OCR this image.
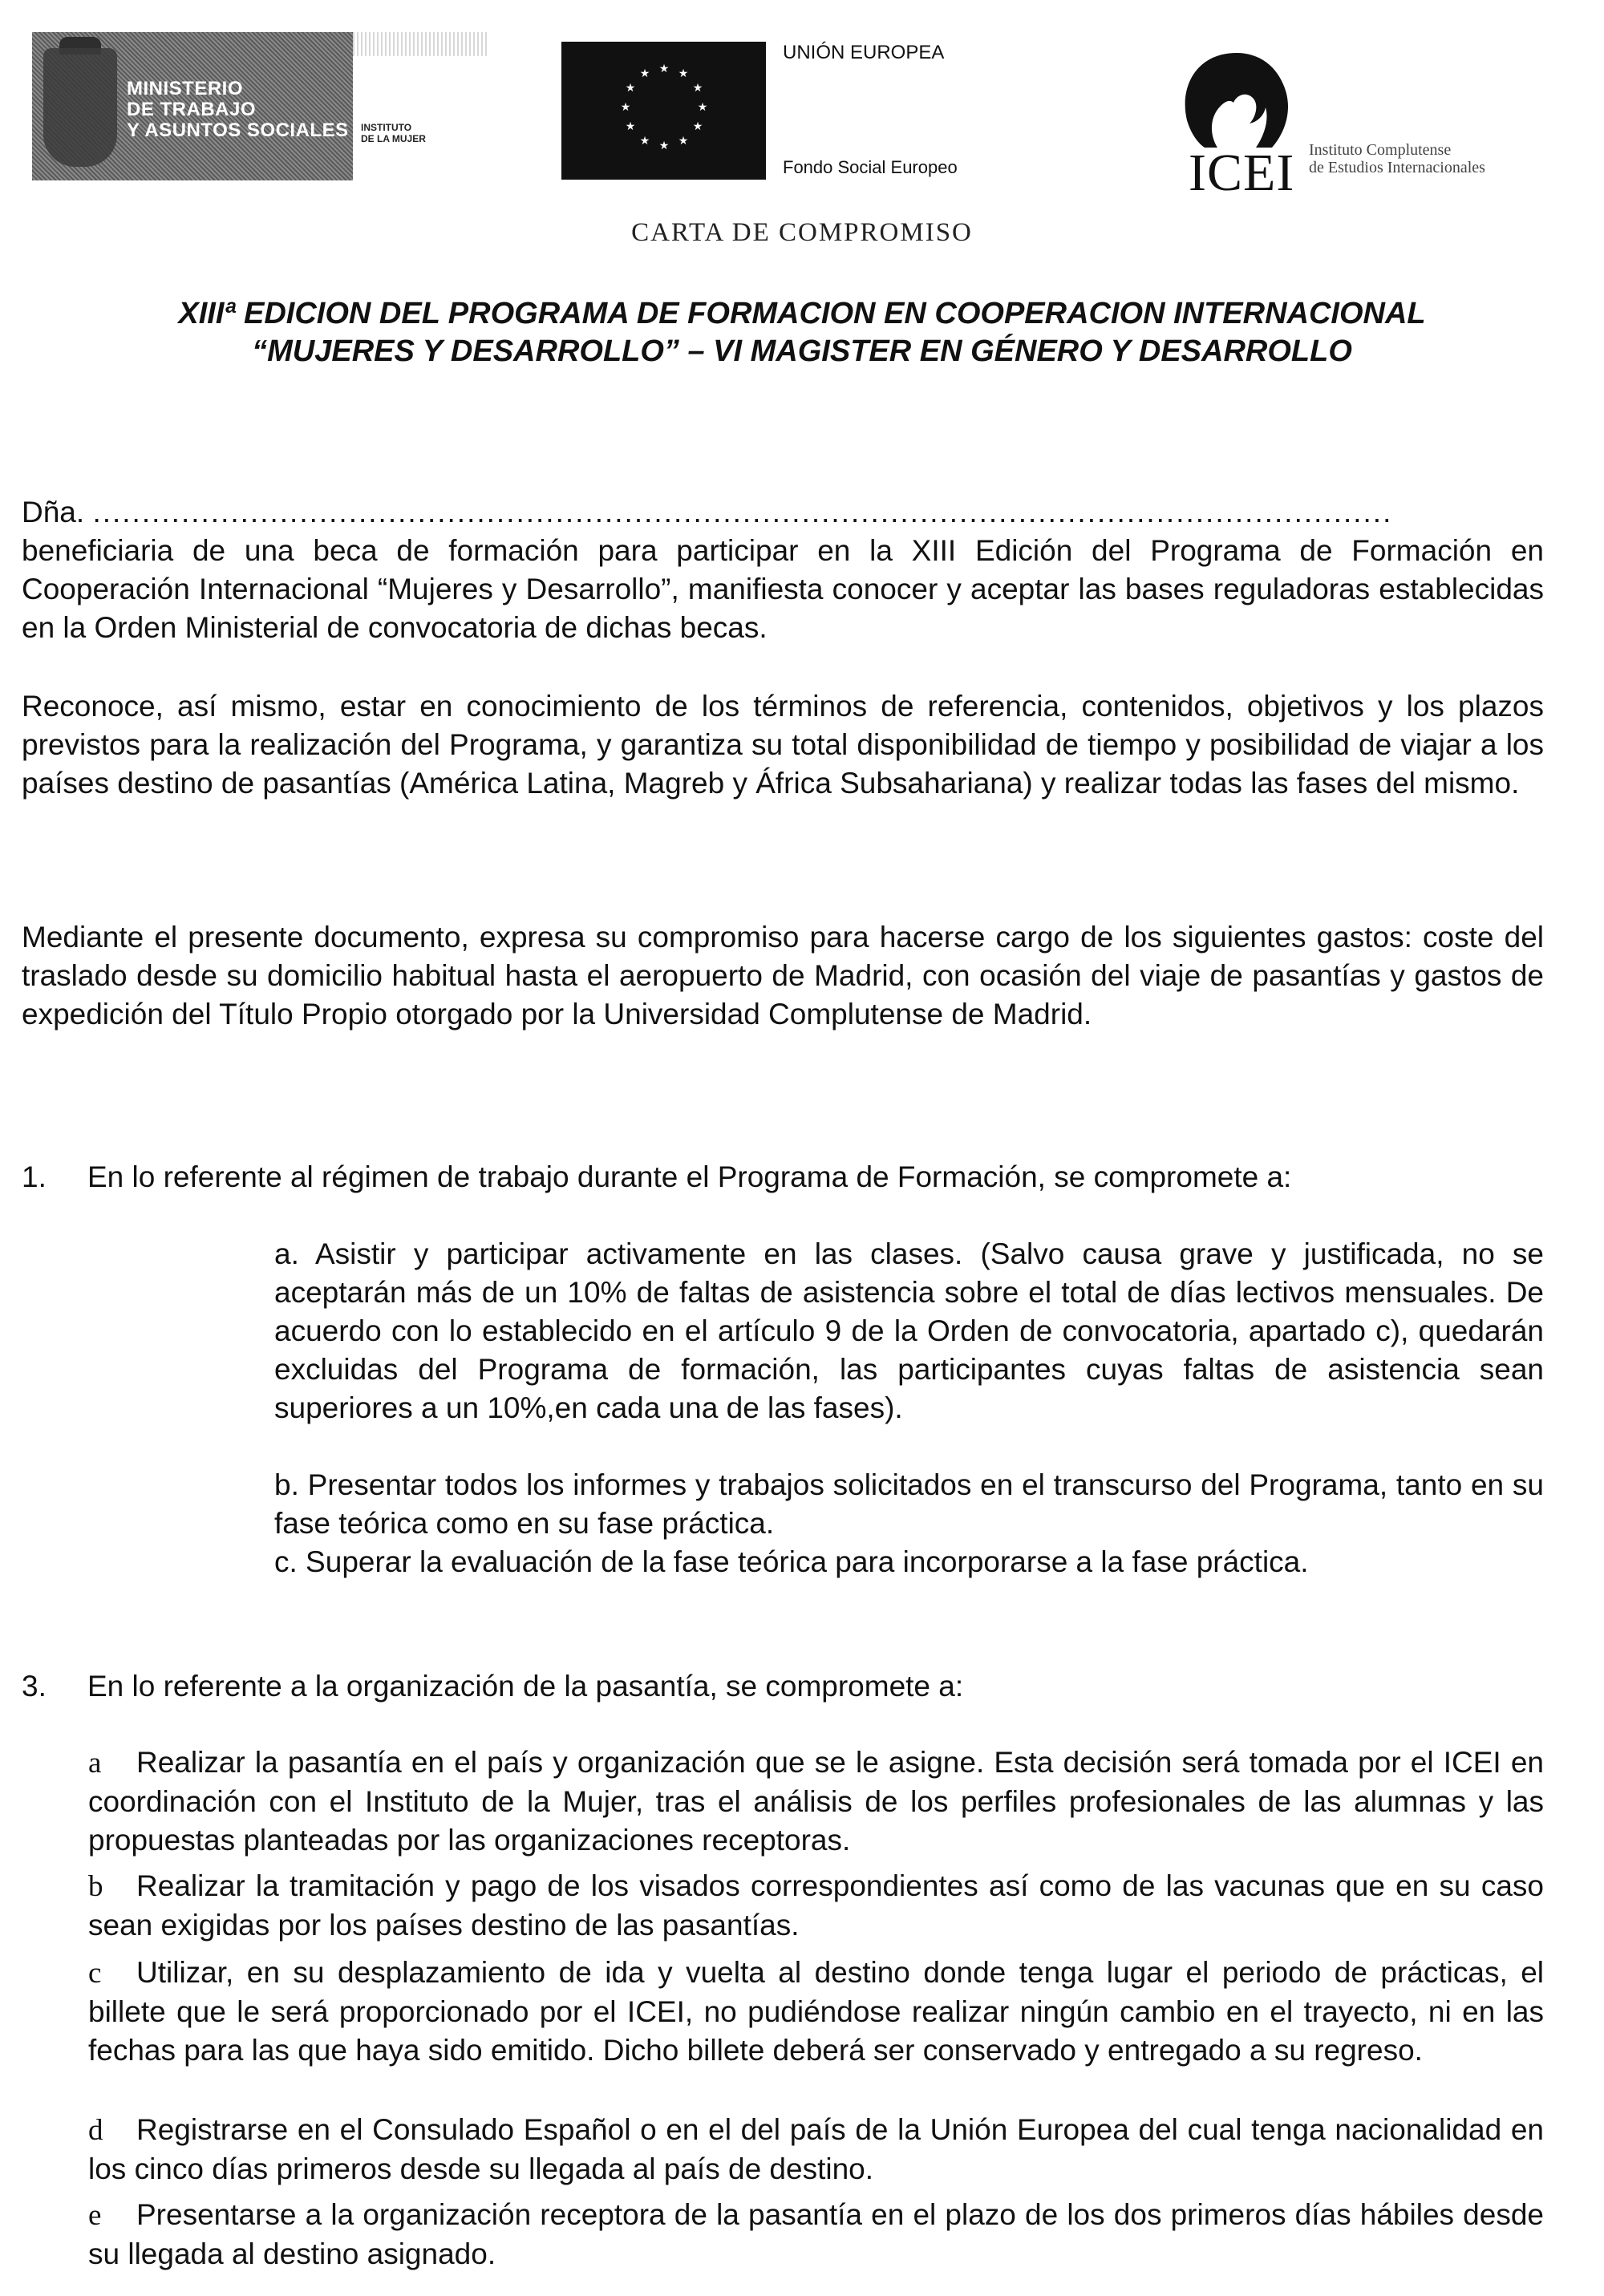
MINISTERIO
DE TRABAJO
Y ASUNTOS SOCIALES INSTITUTO
DE LA MUJER
★ ★
★
★
★
★
★
★
★
★
★
★
UNIÓN EUROPEA
Fondo Social Europeo	ICEI Instituto Complutense
de Estudios Internacionales
CARTA DE COMPROMISO
XIIIª EDICION DEL PROGRAMA DE FORMACION EN COOPERACION INTERNACIONAL
“MUJERES Y DESARROLLO” – VI MAGISTER EN GÉNERO Y DESARROLLO
Dña. ....................................................................................................................................
beneficiaria de una beca de formación para participar en la XIII Edición del Programa de Formación en Cooperación Internacional “Mujeres y Desarrollo”, manifiesta conocer y aceptar las bases reguladoras establecidas en la Orden Ministerial de convocatoria de dichas becas.
Reconoce, así mismo, estar en conocimiento de los términos de referencia, contenidos, objetivos y los plazos previstos para la realización del Programa, y garantiza su total disponibilidad de tiempo y posibilidad de viajar a los países destino de pasantías (América Latina, Magreb y África Subsahariana) y realizar todas las fases del mismo.
Mediante el presente documento, expresa su compromiso para hacerse cargo de los siguientes gastos: coste del traslado desde su domicilio habitual hasta el aeropuerto de Madrid, con ocasión del viaje de pasantías y gastos de expedición del Título Propio otorgado por la Universidad Complutense de Madrid.
1. En lo referente al régimen de trabajo durante el Programa de Formación, se compromete a:
a. Asistir y participar activamente en las clases. (Salvo causa grave y justificada, no se aceptarán más de un 10% de faltas de asistencia sobre el total de días lectivos mensuales. De acuerdo con lo establecido en el artículo 9 de la Orden de convocatoria, apartado c), quedarán excluidas del Programa de formación, las participantes cuyas faltas de asistencia sean superiores a un 10%,en cada una de las fases).
b. Presentar todos los informes y trabajos solicitados en el transcurso del Programa, tanto en su fase teórica como en su fase práctica.
c. Superar la evaluación de la fase teórica para incorporarse a la fase práctica.
3. En lo referente a la organización de la pasantía, se compromete a:
a Realizar la pasantía en el país y organización que se le asigne. Esta decisión será tomada por el ICEI en coordinación con el Instituto de la Mujer, tras el análisis de los perfiles profesionales de las alumnas y las propuestas planteadas por las organizaciones receptoras.
b Realizar la tramitación y pago de los visados correspondientes así como de las vacunas que en su caso sean exigidas por los países destino de las pasantías.
c Utilizar, en su desplazamiento de ida y vuelta al destino donde tenga lugar el periodo de prácticas, el billete que le será proporcionado por el ICEI, no pudiéndose realizar ningún cambio en el trayecto, ni en las fechas para las que haya sido emitido. Dicho billete deberá ser conservado y entregado a su regreso.
d Registrarse en el Consulado Español o en el del país de la Unión Europea del cual tenga nacionalidad en los cinco días primeros desde su llegada al país de destino.
e Presentarse a la organización receptora de la pasantía en el plazo de los dos primeros días hábiles desde su llegada al destino asignado.
